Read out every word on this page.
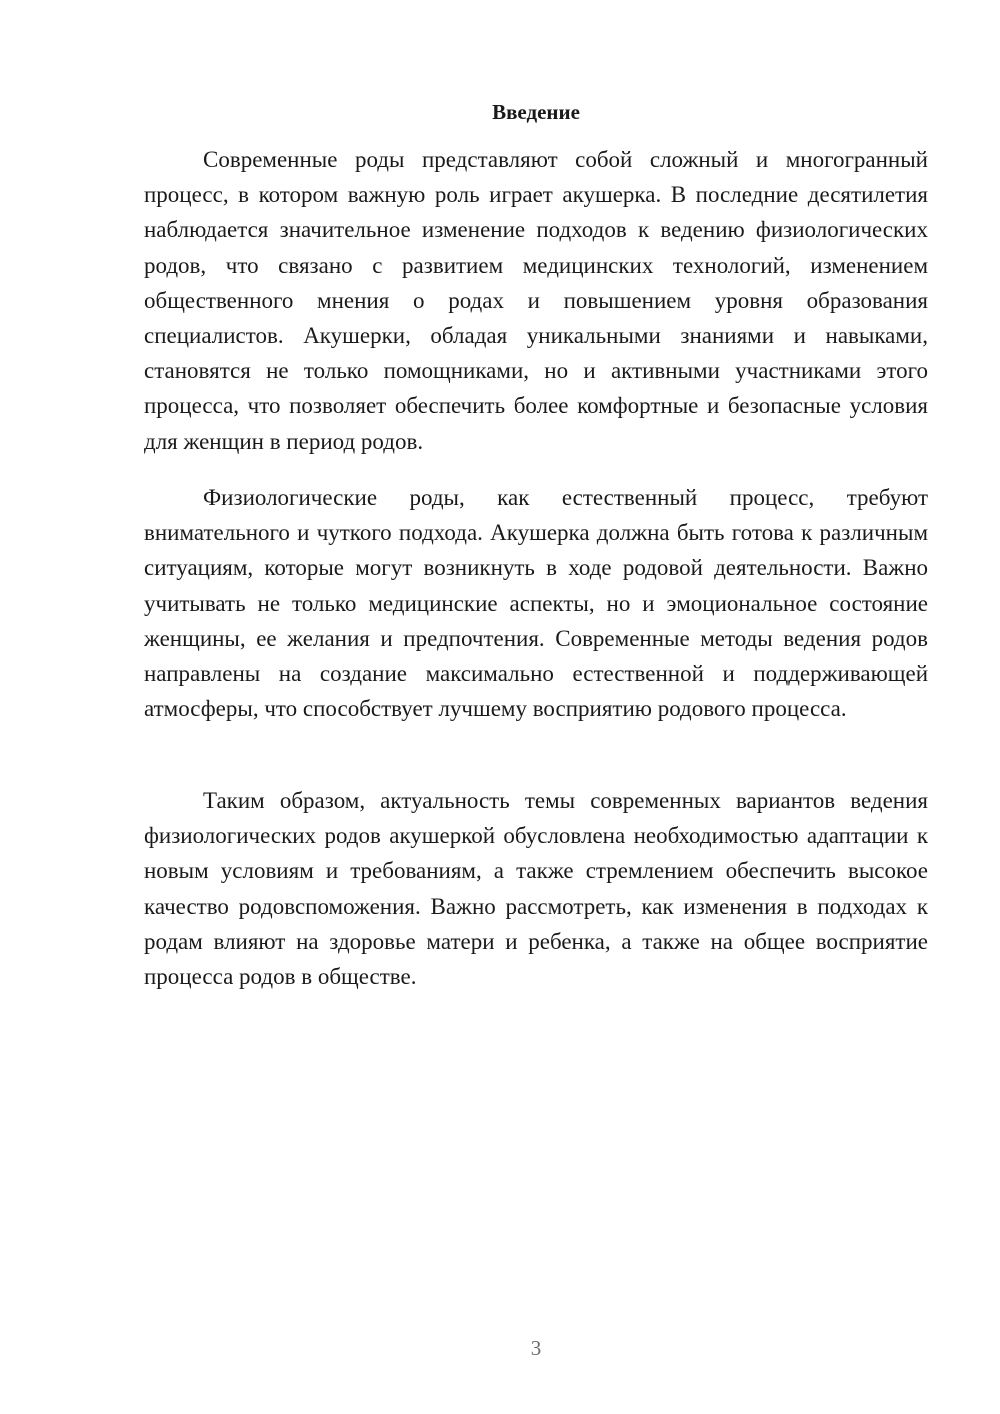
Введение

Современные роды представляют собой сложный и многогранный процесс, в котором важную роль играет акушерка. В последние десятилетия наблюдается значительное изменение подходов к ведению физиологических родов, что связано с развитием медицинских технологий, изменением общественного мнения о родах и повышением уровня образования специалистов. Акушерки, обладая уникальными знаниями и навыками, становятся не только помощниками, но и активными участниками этого процесса, что позволяет обеспечить более комфортные и безопасные условия для женщин в период родов.

Физиологические роды, как естественный процесс, требуют внимательного и чуткого подхода. Акушерка должна быть готова к различным ситуациям, которые могут возникнуть в ходе родовой деятельности. Важно учитывать не только медицинские аспекты, но и эмоциональное состояние женщины, ее желания и предпочтения. Современные методы ведения родов направлены на создание максимально естественной и поддерживающей атмосферы, что способствует лучшему восприятию родового процесса.

Таким образом, актуальность темы современных вариантов ведения физиологических родов акушеркой обусловлена необходимостью адаптации к новым условиям и требованиям, а также стремлением обеспечить высокое качество родовспоможения. Важно рассмотреть, как изменения в подходах к родам влияют на здоровье матери и ребенка, а также на общее восприятие процесса родов в обществе.

3
